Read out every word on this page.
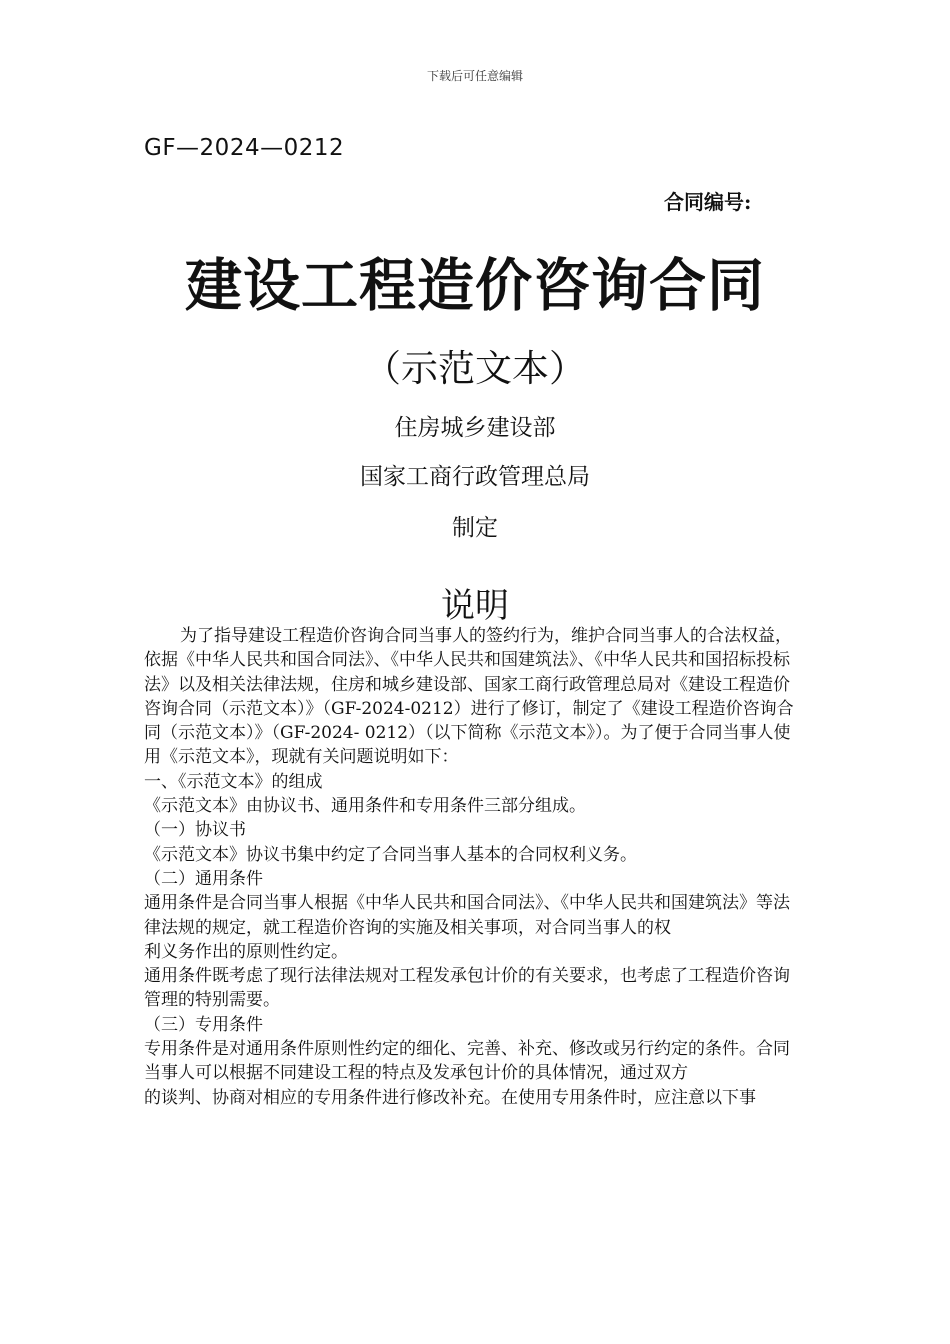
下载后可任意编辑
GF—2024—0212
合同编号:
建设工程造价咨询合同
（示范文本）
住房城乡建设部
国家工商行政管理总局
制定
说明

为了指导建设工程造价咨询合同当事人的签约行为，维护合同当事人的合法权益，依据《中华人民共和国合同法》、《中华人民共和国建筑法》、《中华人民共和国招标投标法》以及相关法律法规，住房和城乡建设部、国家工商行政管理总局对《建设工程造价咨询合同（示范文本）》（GF-2024-0212）进行了修订，制定了《建设工程造价咨询合同（示范文本）》（GF-2024- 0212）（以下简称《示范文本》）。为了便于合同当事人使用《示范文本》，现就有关问题说明如下：

一、《示范文本》的组成

《示范文本》由协议书、通用条件和专用条件三部分组成。

（一）协议书

《示范文本》协议书集中约定了合同当事人基本的合同权利义务。

（二）通用条件

通用条件是合同当事人根据《中华人民共和国合同法》、《中华人民共和国建筑法》等法律法规的规定，就工程造价咨询的实施及相关事项，对合同当事人的权

利义务作出的原则性约定。

通用条件既考虑了现行法律法规对工程发承包计价的有关要求，也考虑了工程造价咨询管理的特别需要。

（三）专用条件

专用条件是对通用条件原则性约定的细化、完善、补充、修改或另行约定的条件。合同当事人可以根据不同建设工程的特点及发承包计价的具体情况，通过双方

的谈判、协商对相应的专用条件进行修改补充。在使用专用条件时，应注意以下事
